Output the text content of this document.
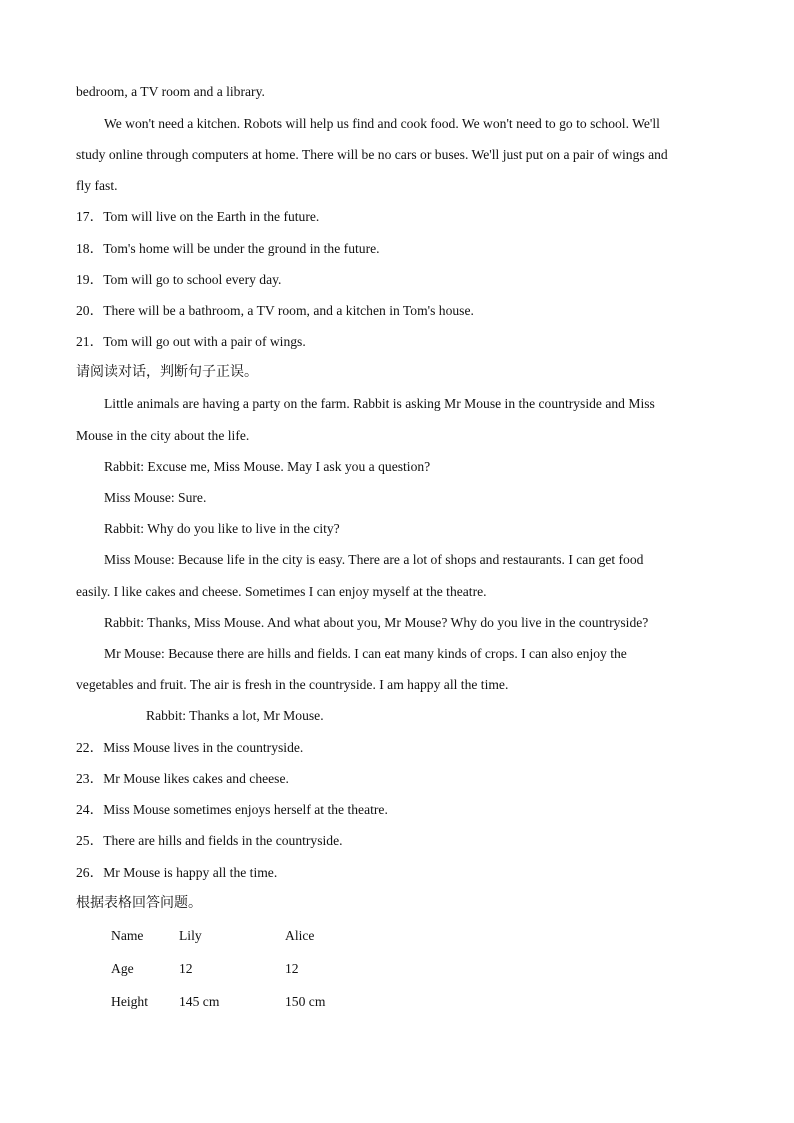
bedroom, a TV room and a library.
We won't need a kitchen. Robots will help us find and cook food. We won't need to go to school. We'll
study online through computers at home. There will be no cars or buses. We'll just put on a pair of wings and
fly fast.
17．Tom will live on the Earth in the future.
18．Tom's home will be under the ground in the future.
19．Tom will go to school every day.
20．There will be a bathroom, a TV room, and a kitchen in Tom's house.
21．Tom will go out with a pair of wings.
请阅读对话，判断句子正误。
Little animals are having a party on the farm. Rabbit is asking Mr Mouse in the countryside and Miss
Mouse in the city about the life.
Rabbit: Excuse me, Miss Mouse. May I ask you a question?
Miss Mouse: Sure.
Rabbit: Why do you like to live in the city?
Miss Mouse: Because life in the city is easy. There are a lot of shops and restaurants. I can get food
easily. I like cakes and cheese. Sometimes I can enjoy myself at the theatre.
Rabbit: Thanks, Miss Mouse. And what about you, Mr Mouse? Why do you live in the countryside?
Mr Mouse: Because there are hills and fields. I can eat many kinds of crops. I can also enjoy the
vegetables and fruit. The air is fresh in the countryside. I am happy all the time.
Rabbit: Thanks a lot, Mr Mouse.
22．Miss Mouse lives in the countryside.
23．Mr Mouse likes cakes and cheese.
24．Miss Mouse sometimes enjoys herself at the theatre.
25．There are hills and fields in the countryside.
26．Mr Mouse is happy all the time.
根据表格回答问题。
Name	Lily	Alice
Age	12	12
Height 145 cm	150 cm
